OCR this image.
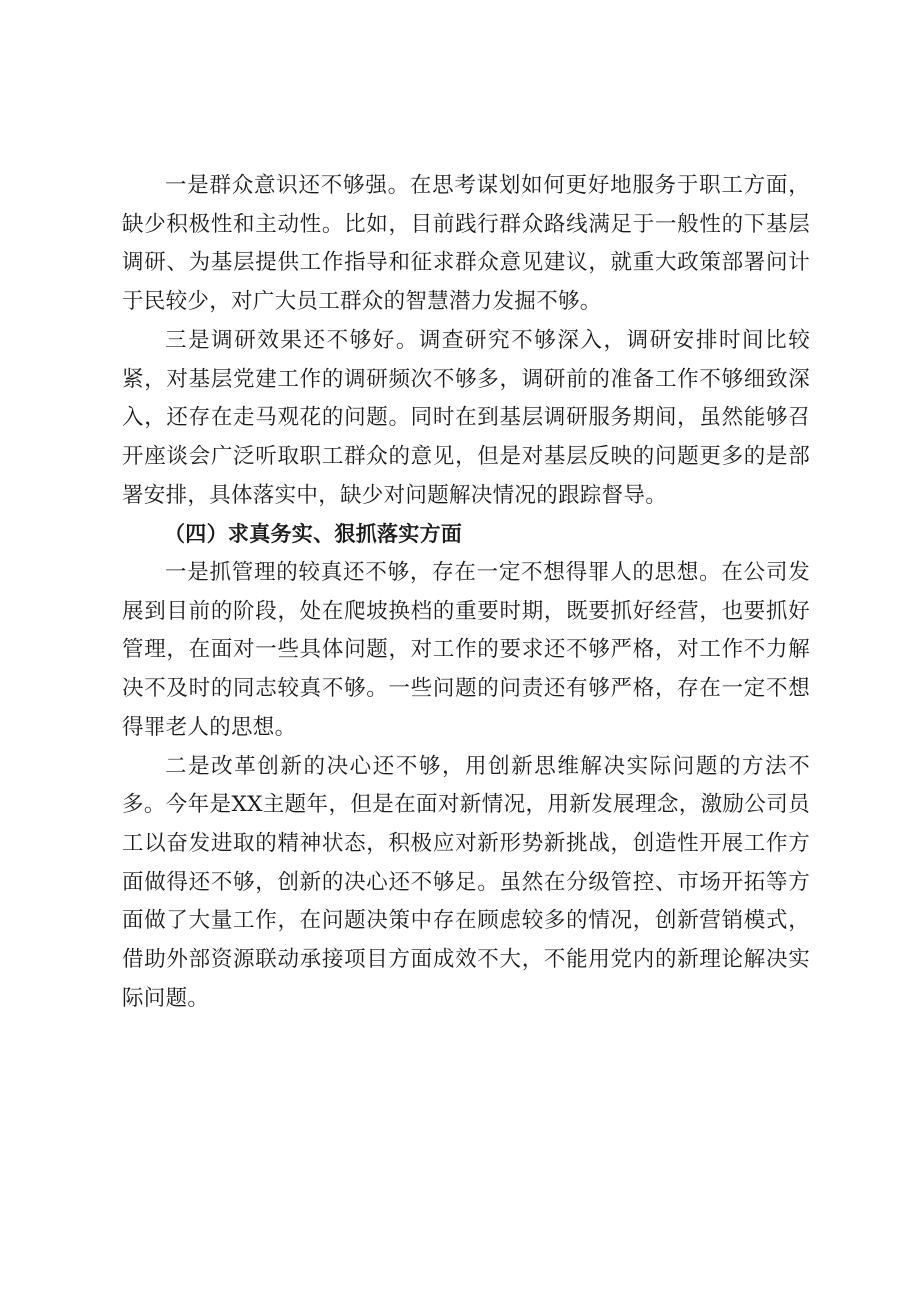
一是群众意识还不够强。在思考谋划如何更好地服务于职工方面，缺少积极性和主动性。比如，目前践行群众路线满足于一般性的下基层调研、为基层提供工作指导和征求群众意见建议，就重大政策部署问计于民较少，对广大员工群众的智慧潜力发掘不够。

三是调研效果还不够好。调查研究不够深入，调研安排时间比较紧，对基层党建工作的调研频次不够多，调研前的准备工作不够细致深入，还存在走马观花的问题。同时在到基层调研服务期间，虽然能够召开座谈会广泛听取职工群众的意见，但是对基层反映的问题更多的是部署安排，具体落实中，缺少对问题解决情况的跟踪督导。

（四）求真务实、狠抓落实方面

一是抓管理的较真还不够，存在一定不想得罪人的思想。在公司发展到目前的阶段，处在爬坡换档的重要时期，既要抓好经营，也要抓好管理，在面对一些具体问题，对工作的要求还不够严格，对工作不力解决不及时的同志较真不够。一些问题的问责还有够严格，存在一定不想得罪老人的思想。

二是改革创新的决心还不够，用创新思维解决实际问题的方法不多。今年是XX主题年，但是在面对新情况，用新发展理念，激励公司员工以奋发进取的精神状态，积极应对新形势新挑战，创造性开展工作方面做得还不够，创新的决心还不够足。虽然在分级管控、市场开拓等方面做了大量工作，在问题决策中存在顾虑较多的情况，创新营销模式，借助外部资源联动承接项目方面成效不大，不能用党内的新理论解决实际问题。
